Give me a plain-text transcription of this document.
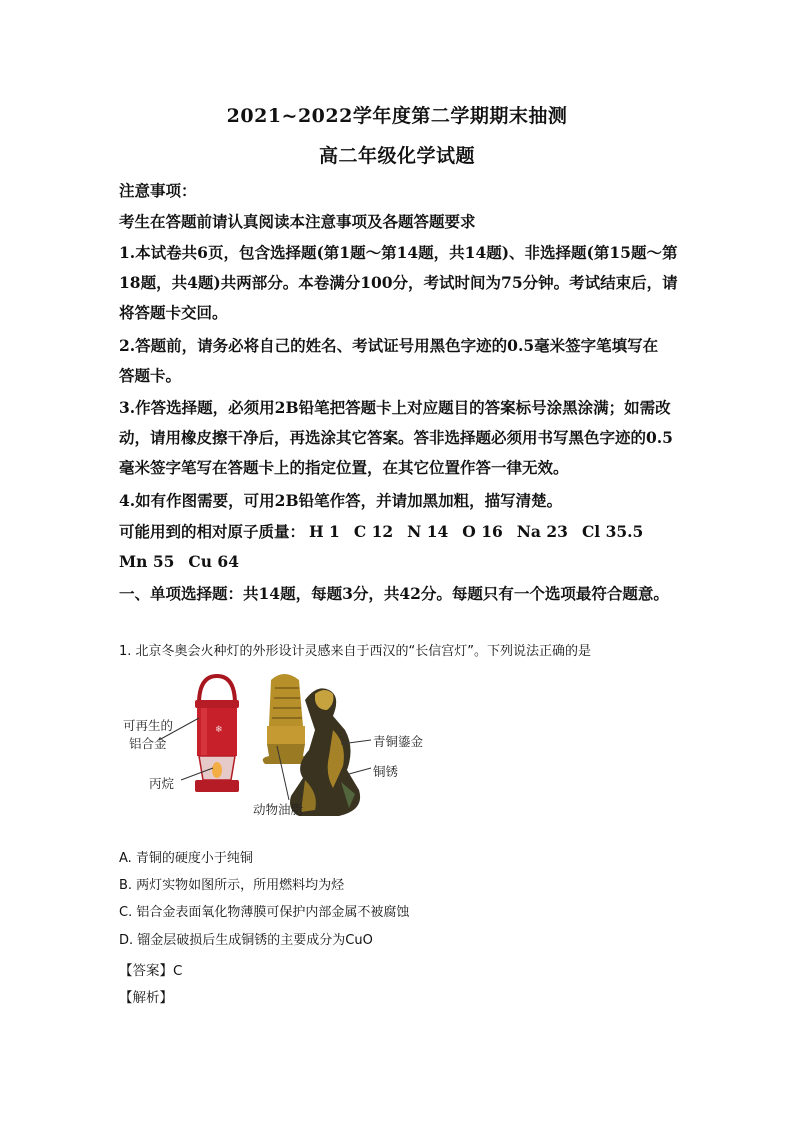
2021~2022学年度第二学期期末抽测
高二年级化学试题
注意事项：
考生在答题前请认真阅读本注意事项及各题答题要求
1.本试卷共6页，包含选择题(第1题～第14题，共14题)、非选择题(第15题～第18题，共4题)共两部分。本卷满分100分，考试时间为75分钟。考试结束后，请将答题卡交回。
2.答题前，请务必将自己的姓名、考试证号用黑色字迹的0.5毫米签字笔填写在答题卡。
3.作答选择题，必须用2B铅笔把答题卡上对应题目的答案标号涂黑涂满；如需改动，请用橡皮擦干净后，再选涂其它答案。答非选择题必须用书写黑色字迹的0.5毫米签字笔写在答题卡上的指定位置，在其它位置作答一律无效。
4.如有作图需要，可用2B铅笔作答，并请加黑加粗，描写清楚。
可能用到的相对原子质量： H 1 C 12 N 14 O 16 Na 23 Cl 35.5Mn 55 Cu 64
一、单项选择题：共14题，每题3分，共42分。每题只有一个选项最符合题意。
1. 北京冬奥会火种灯的外形设计灵感来自于西汉的“长信宫灯”。下列说法正确的是
❄
可再生的
铝合金
丙烷
动物油脂
青铜鎏金
铜锈
A. 青铜的硬度小于纯铜
B. 两灯实物如图所示，所用燃料均为烃
C. 铝合金表面氧化物薄膜可保护内部金属不被腐蚀
D. 镏金层破损后生成铜锈的主要成分为CuO
【答案】C
【解析】
